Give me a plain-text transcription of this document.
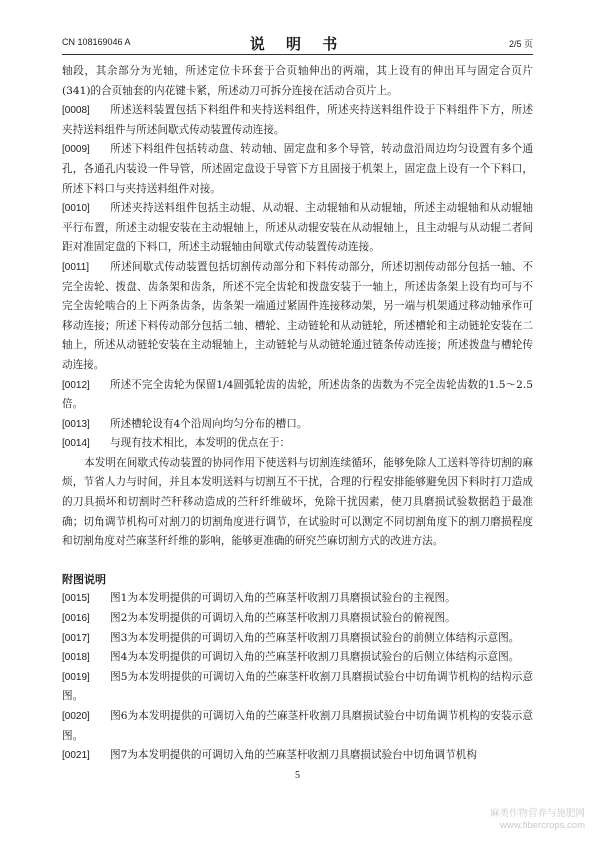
CN 108169046 A	说 明 书	2/5 页

轴段，其余部分为光轴，所述定位卡环套于合页轴伸出的两端，其上设有的伸出耳与固定合页片(341)的合页轴套的内花键卡紧，所述动刀可拆分连接在活动合页片上。

[0008] 所述送料装置包括下料组件和夹持送料组件，所述夹持送料组件设于下料组件下方，所述夹持送料组件与所述间歇式传动装置传动连接。

[0009] 所述下料组件包括转动盘、转动轴、固定盘和多个导管，转动盘沿周边均匀设置有多个通孔，各通孔内装设一件导管，所述固定盘设于导管下方且固接于机架上，固定盘上设有一个下料口，所述下料口与夹持送料组件对接。

[0010] 所述夹持送料组件包括主动辊、从动辊、主动辊轴和从动辊轴，所述主动辊轴和从动辊轴平行布置，所述主动辊安装在主动辊轴上，所述从动辊安装在从动辊轴上，且主动辊与从动辊二者间距对准固定盘的下料口，所述主动辊轴由间歇式传动装置传动连接。

[0011] 所述间歇式传动装置包括切割传动部分和下料传动部分，所述切割传动部分包括一轴、不完全齿轮、拨盘、齿条架和齿条，所述不完全齿轮和拨盘安装于一轴上，所述齿条架上设有均可与不完全齿轮啮合的上下两条齿条，齿条架一端通过紧固件连接移动架，另一端与机架通过移动轴承作可移动连接；所述下料传动部分包括二轴、槽轮、主动链轮和从动链轮，所述槽轮和主动链轮安装在二轴上，所述从动链轮安装在主动辊轴上，主动链轮与从动链轮通过链条传动连接；所述拨盘与槽轮传动连接。

[0012] 所述不完全齿轮为保留1/4圆弧轮齿的齿轮，所述齿条的齿数为不完全齿轮齿数的1.5～2.5倍。

[0013] 所述槽轮设有4个沿周向均匀分布的槽口。

[0014] 与现有技术相比，本发明的优点在于：

本发明在间歇式传动装置的协同作用下使送料与切割连续循环，能够免除人工送料等待切割的麻烦，节省人力与时间，并且本发明送料与切割互不干扰，合理的行程安排能够避免因下料时打刀造成的刀具损坏和切割时苎秆移动造成的苎秆纤维破坏，免除干扰因素，使刀具磨损试验数据趋于最准确；切角调节机构可对割刀的切割角度进行调节，在试验时可以测定不同切割角度下的割刀磨损程度和切割角度对苎麻茎秆纤维的影响，能够更准确的研究苎麻切割方式的改进方法。

附图说明

[0015] 图1为本发明提供的可调切入角的苎麻茎杆收割刀具磨损试验台的主视图。

[0016] 图2为本发明提供的可调切入角的苎麻茎杆收割刀具磨损试验台的俯视图。

[0017] 图3为本发明提供的可调切入角的苎麻茎杆收割刀具磨损试验台的前侧立体结构示意图。

[0018] 图4为本发明提供的可调切入角的苎麻茎杆收割刀具磨损试验台的后侧立体结构示意图。

[0019] 图5为本发明提供的可调切入角的苎麻茎杆收割刀具磨损试验台中切角调节机构的结构示意图。

[0020] 图6为本发明提供的可调切入角的苎麻茎杆收割刀具磨损试验台中切角调节机构的安装示意图。

[0021] 图7为本发明提供的可调切入角的苎麻茎杆收割刀具磨损试验台中切角调节机构

5
麻类作物营养与施肥网
www.fibercrops.com
